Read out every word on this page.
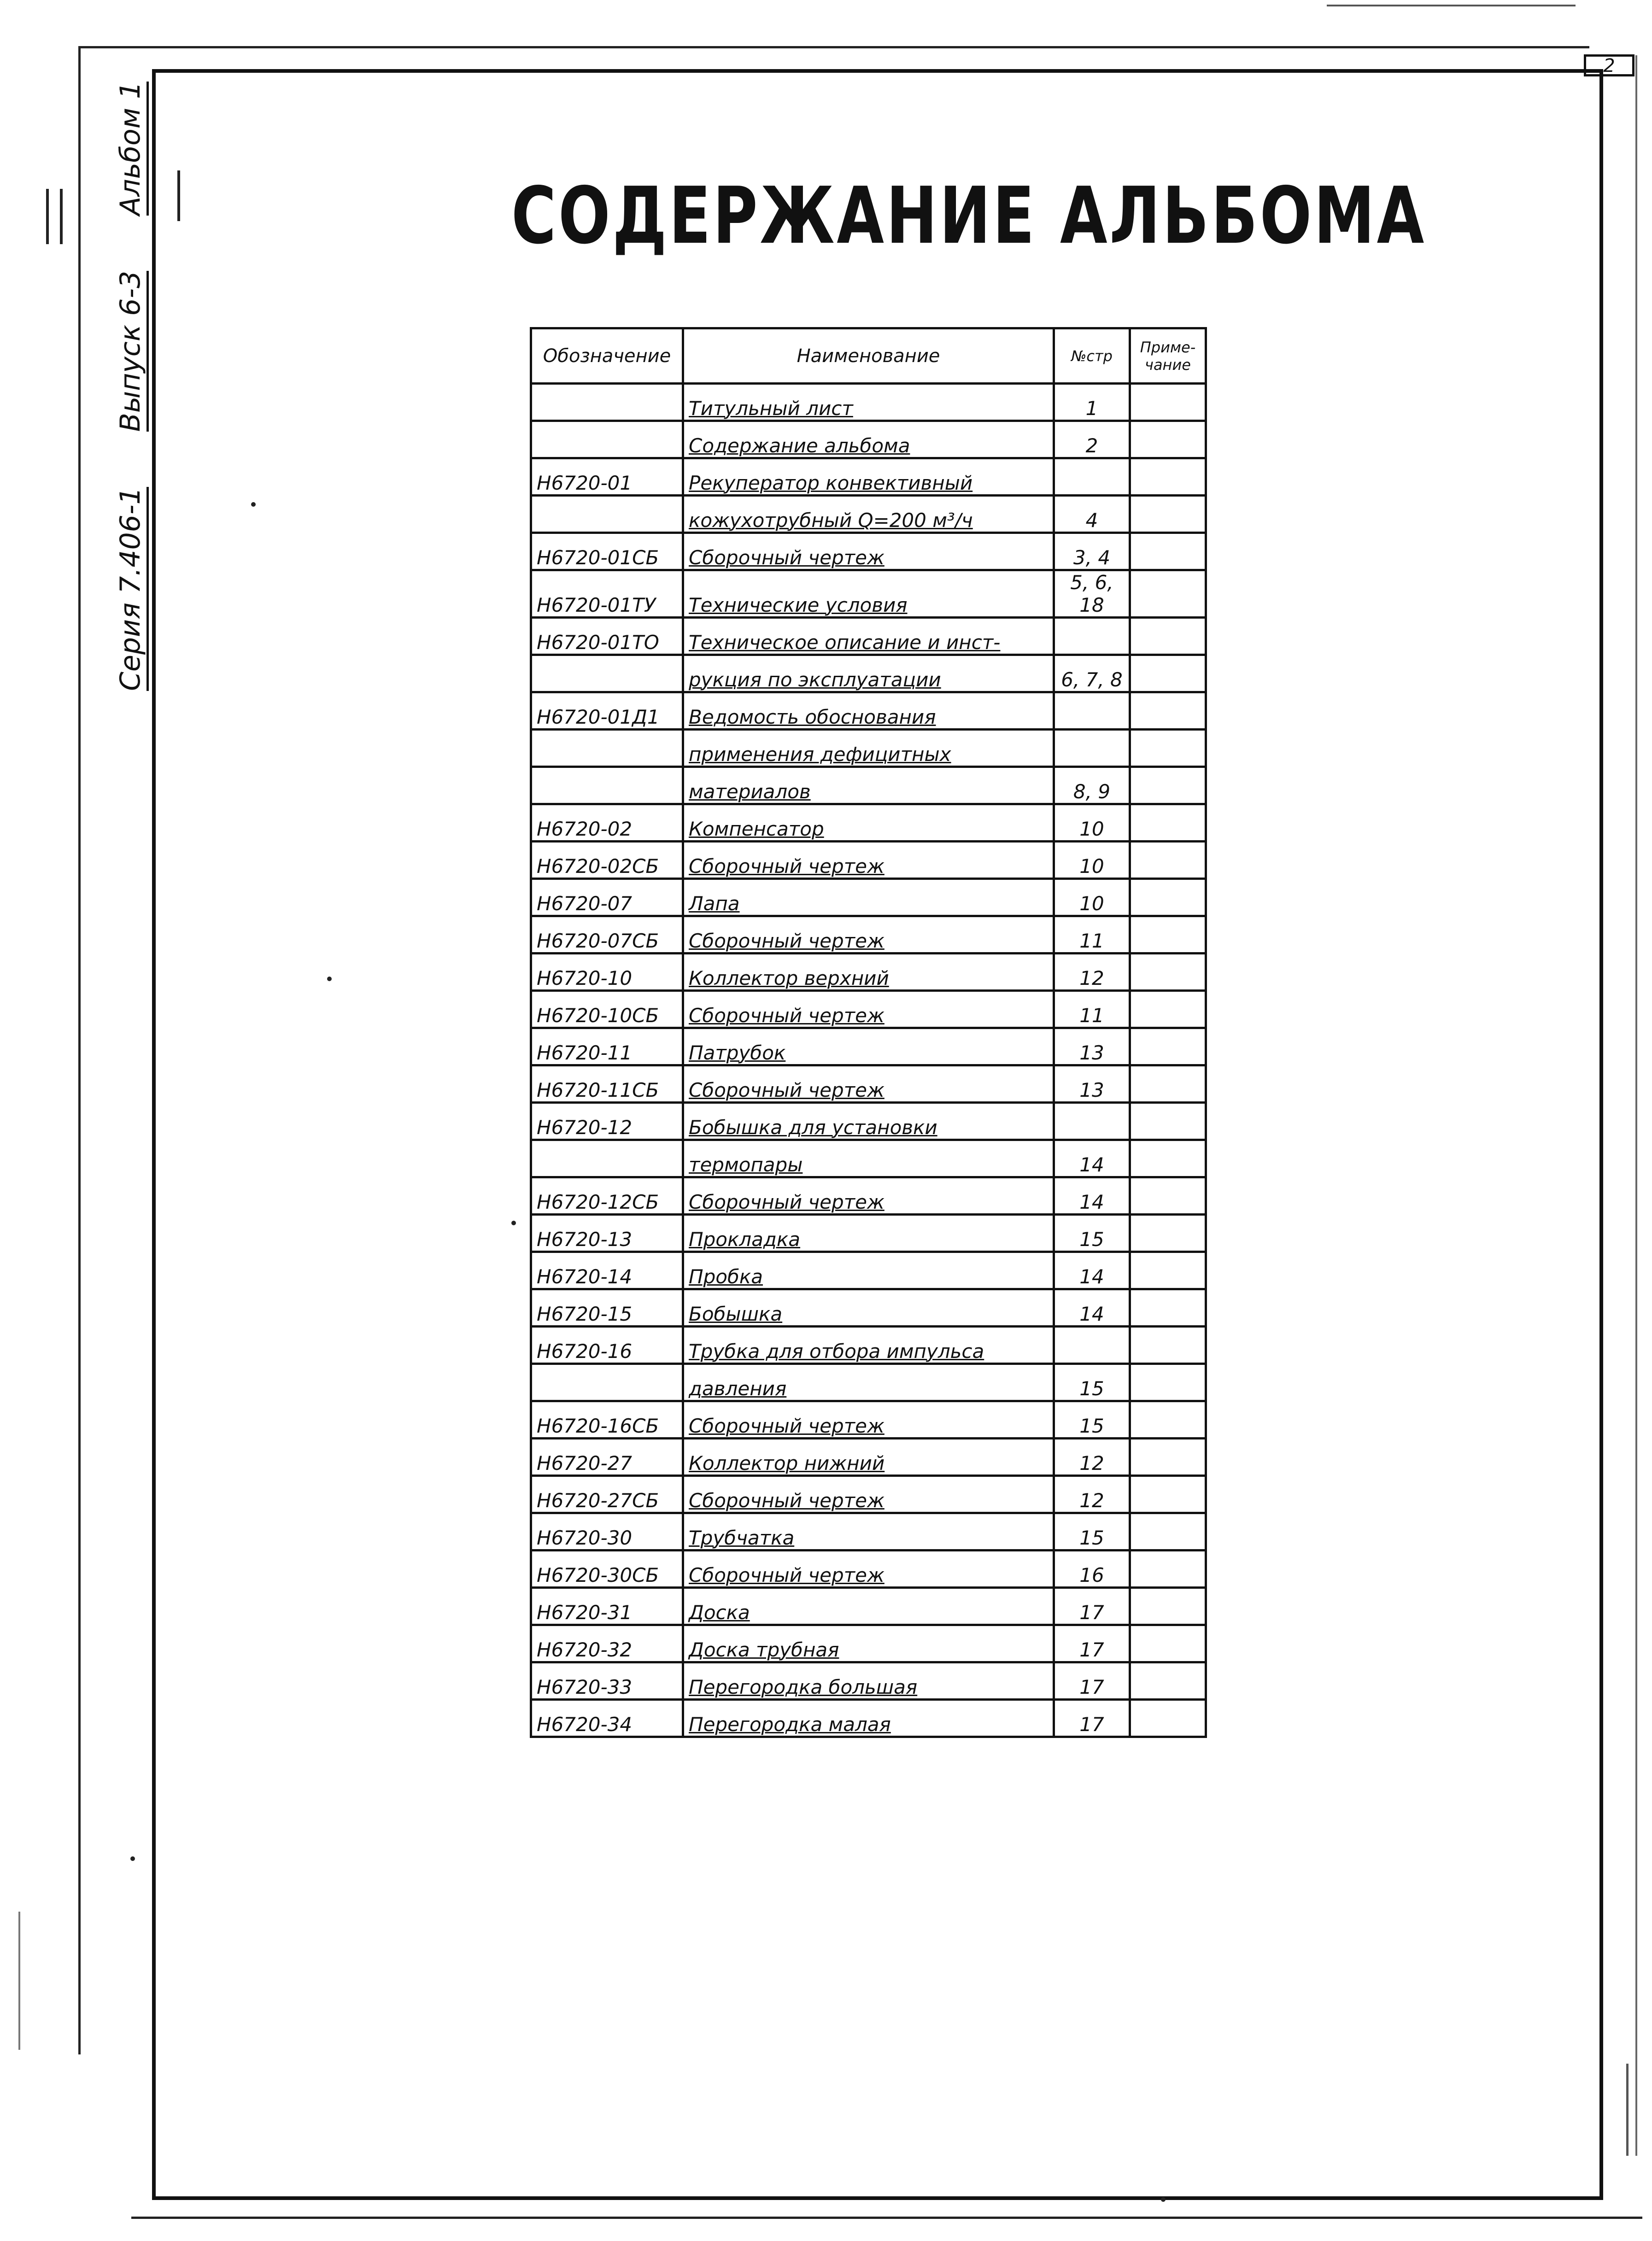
2
Серия 7.406-1
Выпуск 6-3
Альбом 1
СОДЕРЖАНИЕ АЛЬБОМА
Обозначение	Наименование	№стр	Приме-чание
	Титульный лист	1	
	Содержание альбома	2	
Н6720-01	Рекуператор конвективный		
	кожухотрубный Q=200 м³/ч	4	
Н6720-01СБ	Сборочный чертеж	3, 4	
Н6720-01ТУ	Технические условия	5, 6, 18	
Н6720-01ТО	Техническое описание и инст-		
	рукция по эксплуатации	6, 7, 8	
Н6720-01Д1	Ведомость обоснования		
	применения дефицитных		
	материалов	8, 9	
Н6720-02	Компенсатор	10	
Н6720-02СБ	Сборочный чертеж	10	
Н6720-07	Лапа	10	
Н6720-07СБ	Сборочный чертеж	11	
Н6720-10	Коллектор верхний	12	
Н6720-10СБ	Сборочный чертеж	11	
Н6720-11	Патрубок	13	
Н6720-11СБ	Сборочный чертеж	13	
Н6720-12	Бобышка для установки		
	термопары	14	
Н6720-12СБ	Сборочный чертеж	14	
Н6720-13	Прокладка	15	
Н6720-14	Пробка	14	
Н6720-15	Бобышка	14	
Н6720-16	Трубка для отбора импульса		
	давления	15	
Н6720-16СБ	Сборочный чертеж	15	
Н6720-27	Коллектор нижний	12	
Н6720-27СБ	Сборочный чертеж	12	
Н6720-30	Трубчатка	15	
Н6720-30СБ	Сборочный чертеж	16	
Н6720-31	Доска	17	
Н6720-32	Доска трубная	17	
Н6720-33	Перегородка большая	17	
Н6720-34	Перегородка малая	17	
